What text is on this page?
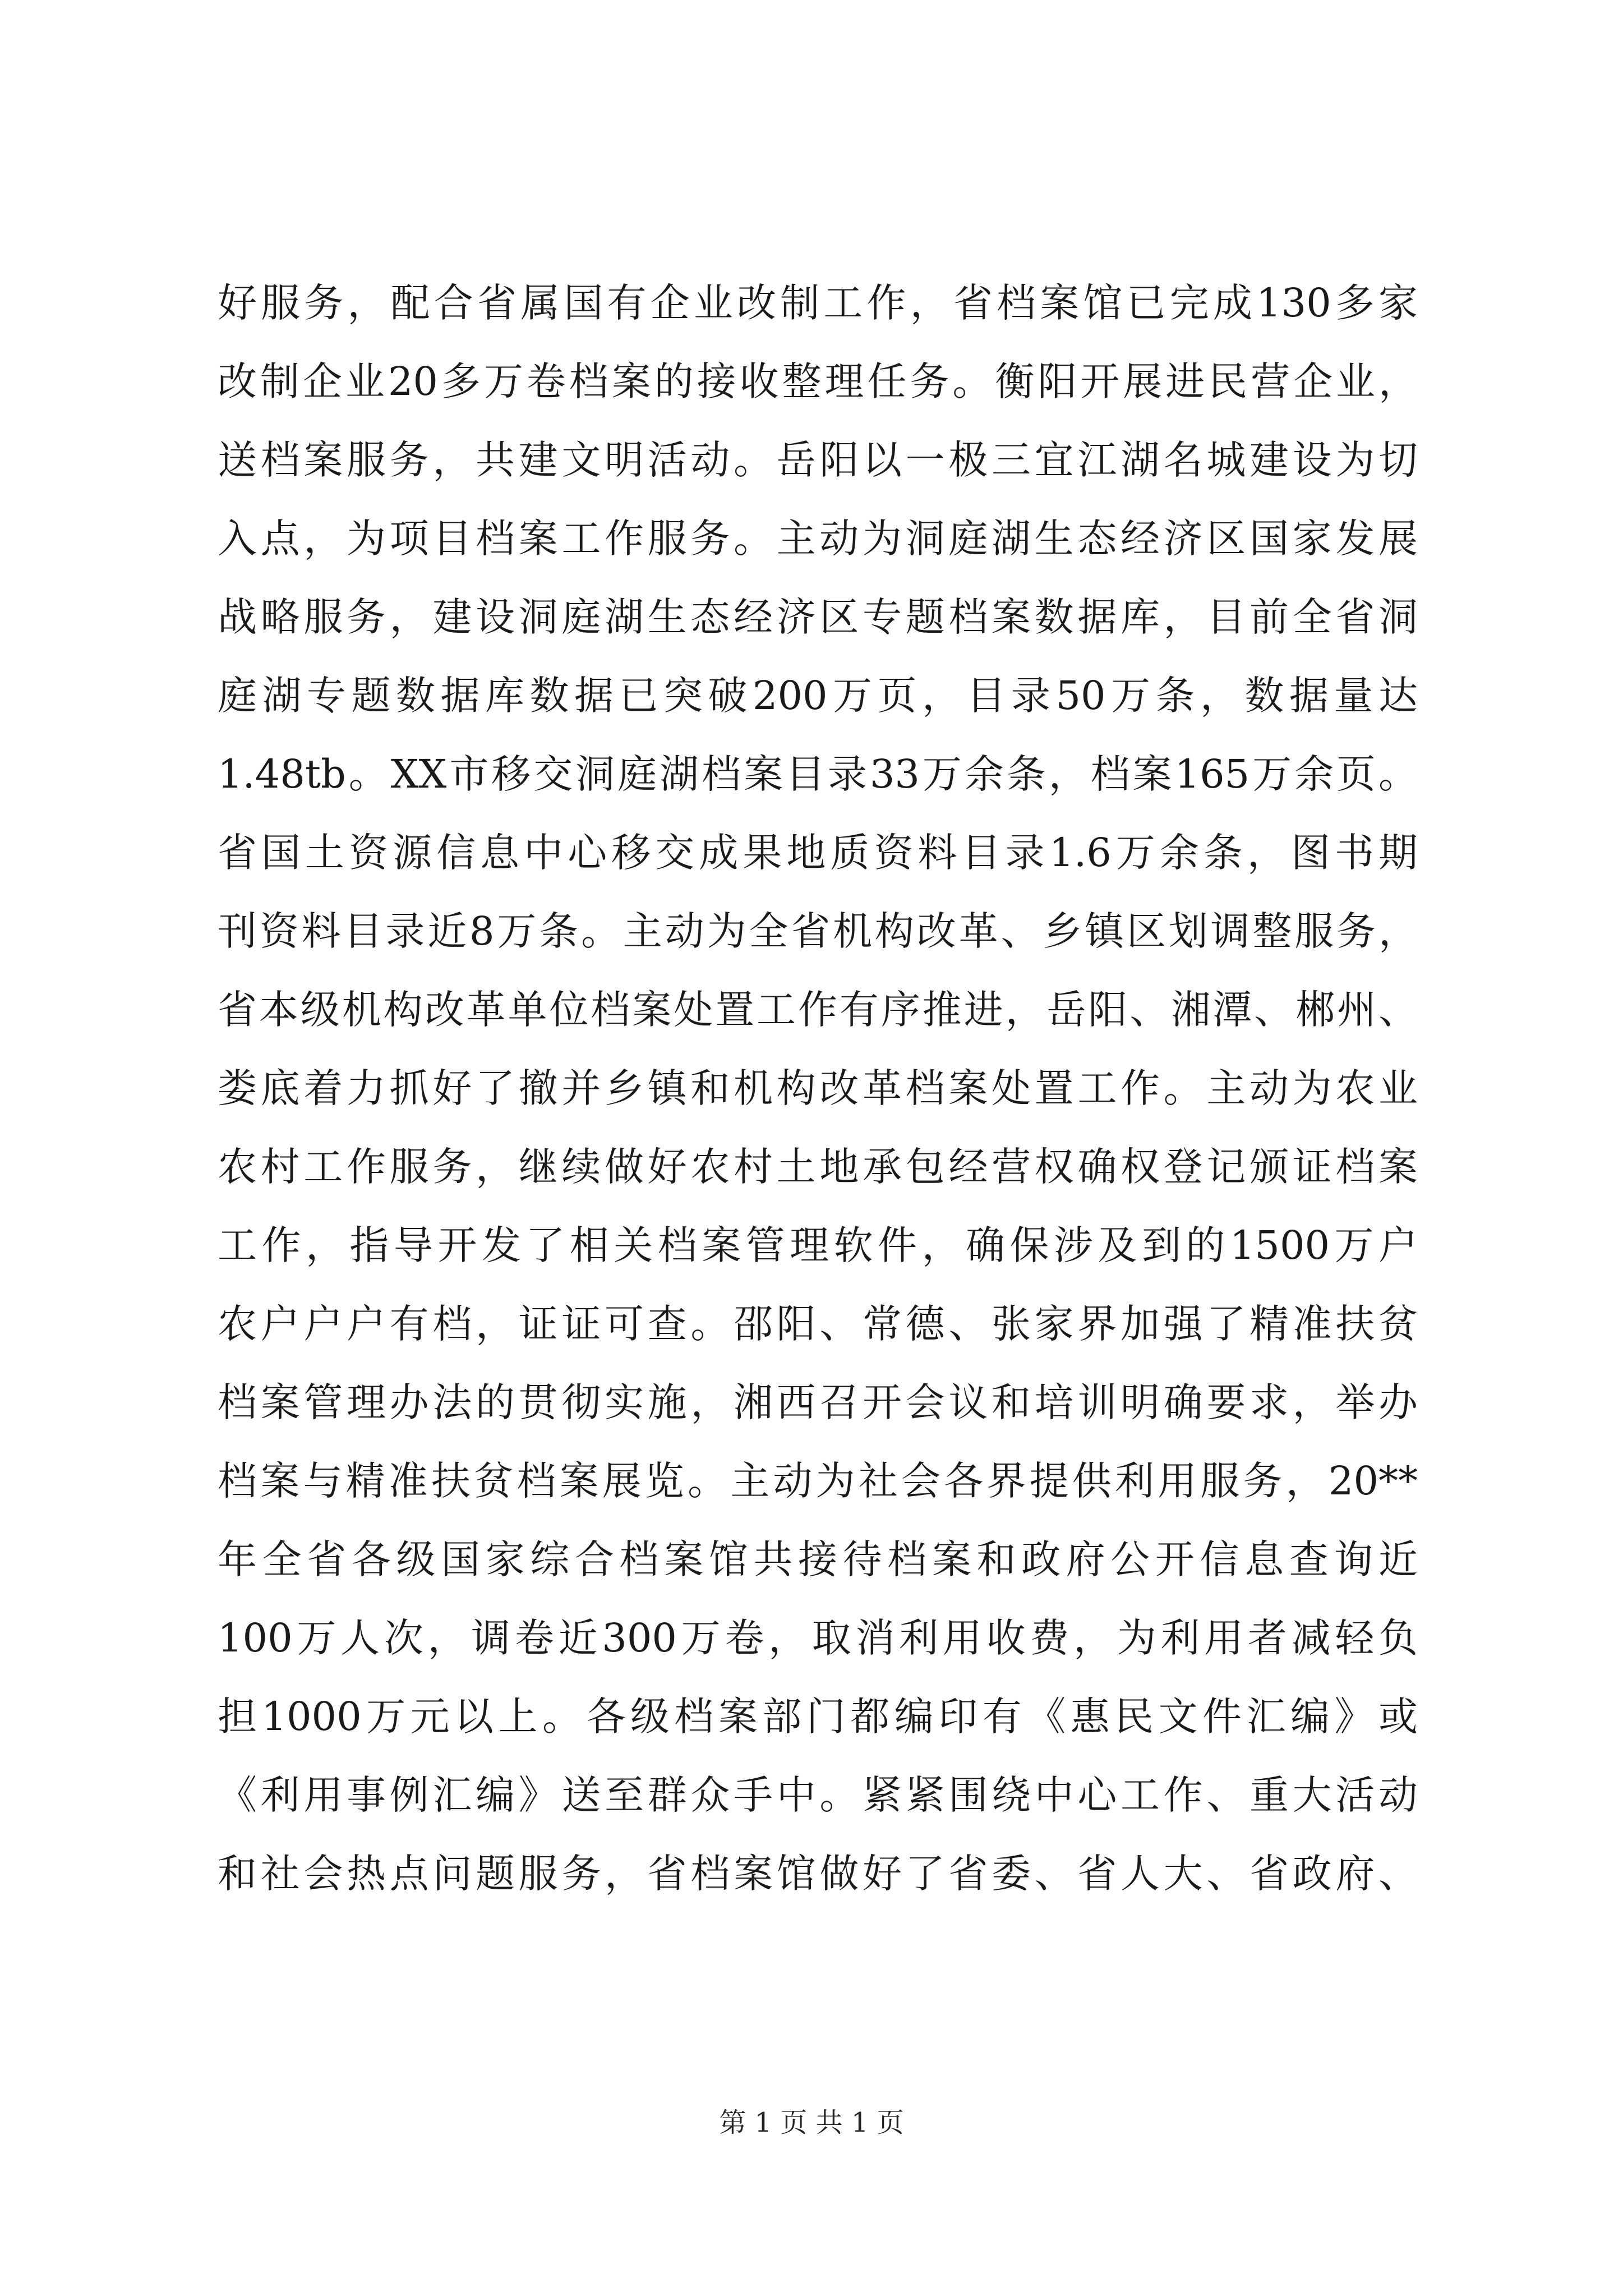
好服务，配合省属国有企业改制工作，省档案馆已完成130多家
改制企业20多万卷档案的接收整理任务。衡阳开展进民营企业，
送档案服务，共建文明活动。岳阳以一极三宜江湖名城建设为切
入点，为项目档案工作服务。主动为洞庭湖生态经济区国家发展
战略服务，建设洞庭湖生态经济区专题档案数据库，目前全省洞
庭湖专题数据库数据已突破200万页，目录50万条，数据量达
1.48tb。XX市移交洞庭湖档案目录33万余条，档案165万余页。
省国土资源信息中心移交成果地质资料目录1.6万余条，图书期
刊资料目录近8万条。主动为全省机构改革、乡镇区划调整服务，
省本级机构改革单位档案处置工作有序推进，岳阳、湘潭、郴州、
娄底着力抓好了撤并乡镇和机构改革档案处置工作。主动为农业
农村工作服务，继续做好农村土地承包经营权确权登记颁证档案
工作，指导开发了相关档案管理软件，确保涉及到的1500万户
农户户户有档，证证可查。邵阳、常德、张家界加强了精准扶贫
档案管理办法的贯彻实施，湘西召开会议和培训明确要求，举办
档案与精准扶贫档案展览。主动为社会各界提供利用服务，20**
年全省各级国家综合档案馆共接待档案和政府公开信息查询近
100万人次，调卷近300万卷，取消利用收费，为利用者减轻负
担1000万元以上。各级档案部门都编印有《惠民文件汇编》或
《利用事例汇编》送至群众手中。紧紧围绕中心工作、重大活动
和社会热点问题服务，省档案馆做好了省委、省人大、省政府、
第 1 页 共 1 页
